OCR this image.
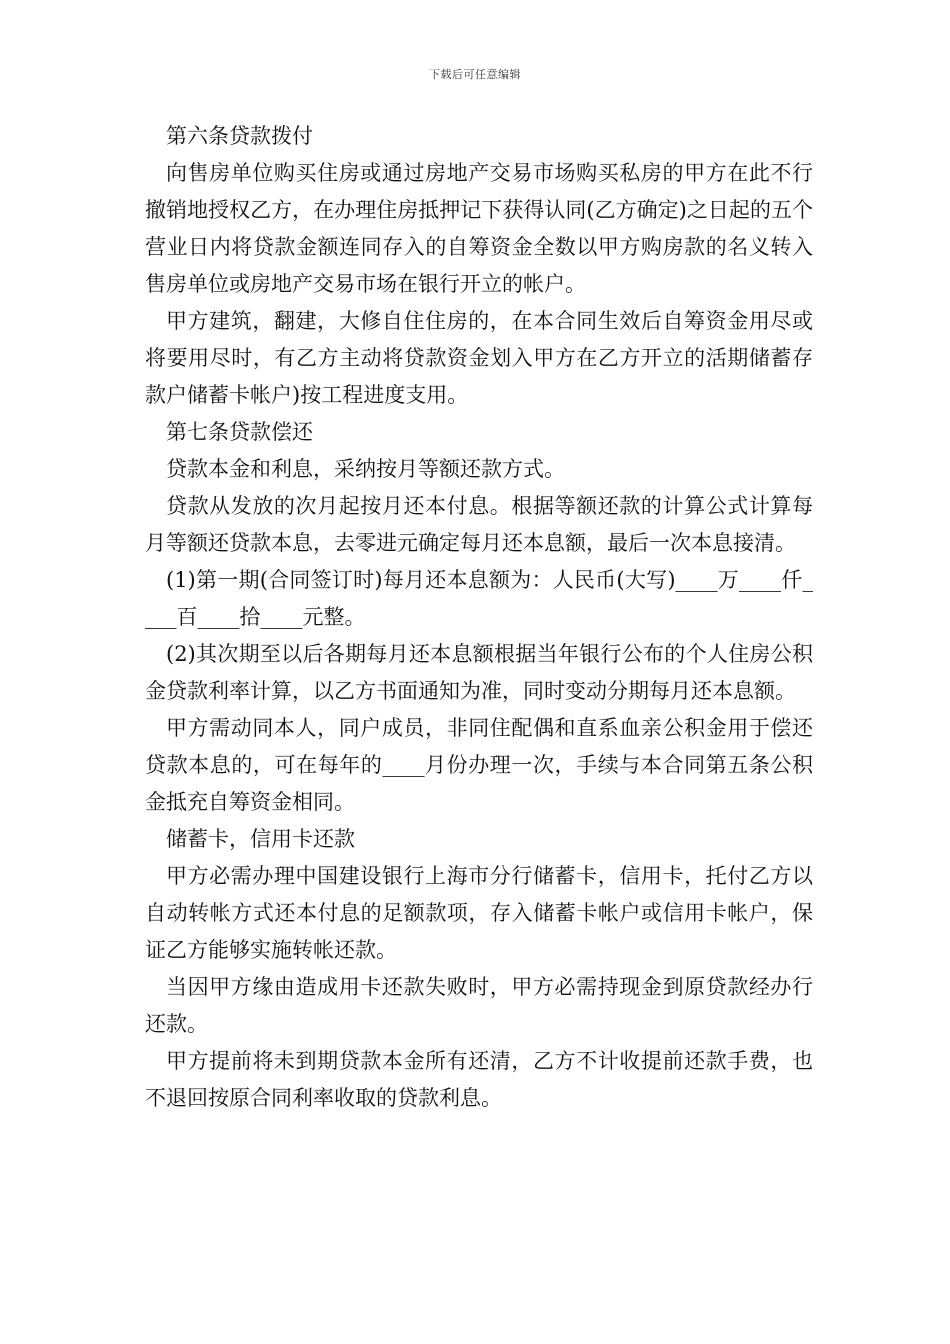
下载后可任意编辑

第六条贷款拨付

向售房单位购买住房或通过房地产交易市场购买私房的甲方在此不行撤销地授权乙方，在办理住房抵押记下获得认同(乙方确定)之日起的五个营业日内将贷款金额连同存入的自筹资金全数以甲方购房款的名义转入售房单位或房地产交易市场在银行开立的帐户。

甲方建筑，翻建，大修自住住房的，在本合同生效后自筹资金用尽或将要用尽时，有乙方主动将贷款资金划入甲方在乙方开立的活期储蓄存款户储蓄卡帐户)按工程进度支用。

第七条贷款偿还

贷款本金和利息，采纳按月等额还款方式。

贷款从发放的次月起按月还本付息。根据等额还款的计算公式计算每月等额还贷款本息，去零进元确定每月还本息额，最后一次本息接清。

(1)第一期(合同签订时)每月还本息额为：人民币(大写)____万____仟____百____拾____元整。

(2)其次期至以后各期每月还本息额根据当年银行公布的个人住房公积金贷款利率计算，以乙方书面通知为准，同时变动分期每月还本息额。

甲方需动同本人，同户成员，非同住配偶和直系血亲公积金用于偿还贷款本息的，可在每年的____月份办理一次，手续与本合同第五条公积金抵充自筹资金相同。

储蓄卡，信用卡还款

甲方必需办理中国建设银行上海市分行储蓄卡，信用卡，托付乙方以自动转帐方式还本付息的足额款项，存入储蓄卡帐户或信用卡帐户，保证乙方能够实施转帐还款。

当因甲方缘由造成用卡还款失败时，甲方必需持现金到原贷款经办行还款。

甲方提前将未到期贷款本金所有还清，乙方不计收提前还款手费，也不退回按原合同利率收取的贷款利息。
